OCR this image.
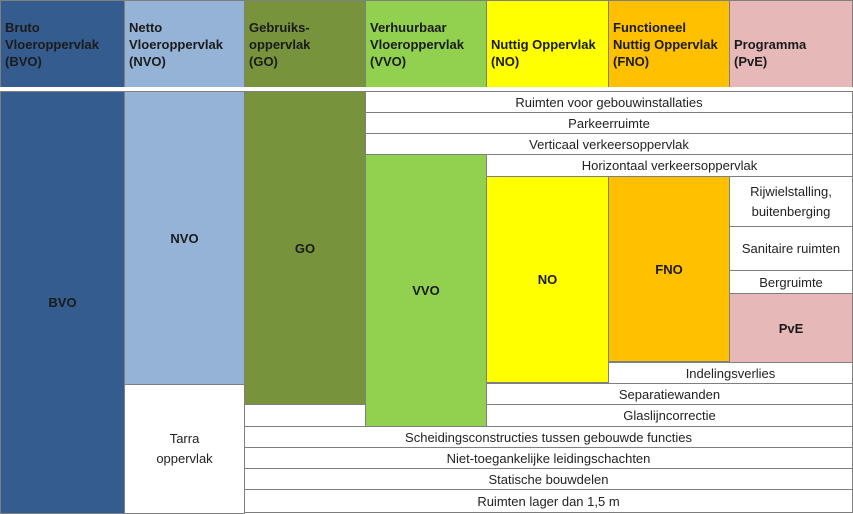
Bruto
Vloeroppervlak
(BVO)
Netto
Vloeroppervlak
(NVO)
Gebruiks-
oppervlak
(GO)
Verhuurbaar
Vloeroppervlak
(VVO)
Nuttig Oppervlak
(NO)
Functioneel
Nuttig Oppervlak
(FNO)
Programma
(PvE)
BVO
NVO
Tarra
oppervlak
GO
VVO
NO
FNO
Rijwielstalling,
buitenberging
Sanitaire ruimten
Bergruimte
PvE
Ruimten voor gebouwinstallaties
Parkeerruimte
Verticaal verkeersoppervlak
Horizontaal verkeersoppervlak
Indelingsverlies
Separatiewanden
Glaslijncorrectie
Scheidingsconstructies tussen gebouwde functies
Niet-toegankelijke leidingschachten
Statische bouwdelen
Ruimten lager dan 1,5 m
